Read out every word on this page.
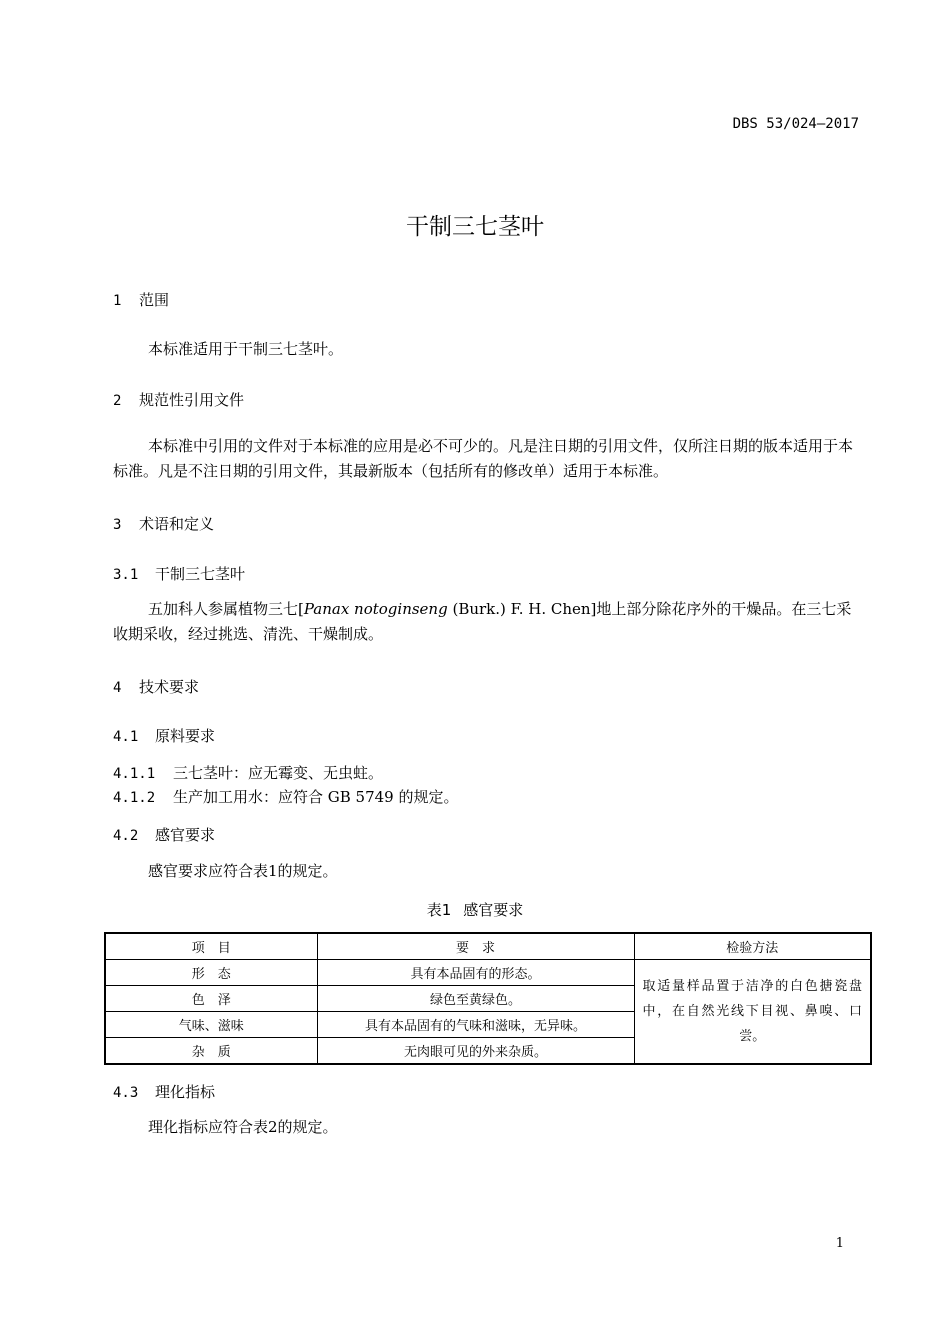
DBS 53/024—2017
干制三七茎叶
1 范围
本标准适用于干制三七茎叶。
2 规范性引用文件
本标准中引用的文件对于本标准的应用是必不可少的。凡是注日期的引用文件，仅所注日期的版本适用于本标准。凡是不注日期的引用文件，其最新版本（包括所有的修改单）适用于本标准。
3 术语和定义
3.1 干制三七茎叶
五加科人参属植物三七[Panax notoginseng (Burk.) F. H. Chen]地上部分除花序外的干燥品。在三七采收期采收，经过挑选、清洗、干燥制成。
4 技术要求
4.1 原料要求
4.1.1 三七茎叶：应无霉变、无虫蛀。
4.1.2 生产加工用水：应符合 GB 5749 的规定。
4.2 感官要求
感官要求应符合表1的规定。
表1 感官要求
项　目	要　求	检验方法
形　态	具有本品固有的形态。	取适量样品置于洁净的白色搪瓷盘中，在自然光线下目视、鼻嗅、口尝。
色　泽	绿色至黄绿色。	
气味、滋味	具有本品固有的气味和滋味，无异味。	
杂　质	无肉眼可见的外来杂质。	
4.3 理化指标
理化指标应符合表2的规定。
1
